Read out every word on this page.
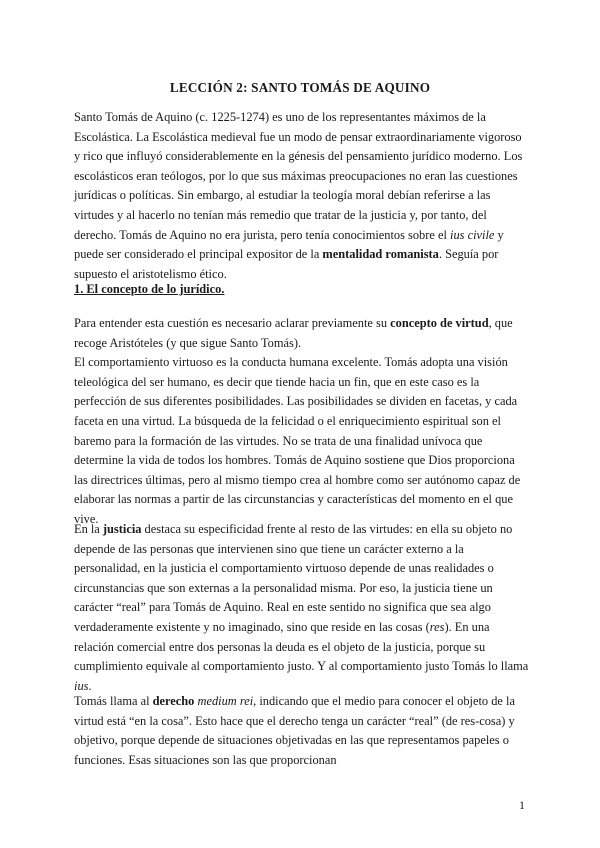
LECCIÓN 2: SANTO TOMÁS DE AQUINO
Santo Tomás de Aquino (c. 1225-1274) es uno de los representantes máximos de la Escolástica. La Escolástica medieval fue un modo de pensar extraordinariamente vigoroso y rico que influyó considerablemente en la génesis del pensamiento jurídico moderno. Los escolásticos eran teólogos, por lo que sus máximas preocupaciones no eran las cuestiones jurídicas o políticas. Sin embargo, al estudiar la teología moral debían referirse a las virtudes y al hacerlo no tenían más remedio que tratar de la justicia y, por tanto, del derecho. Tomás de Aquino no era jurista, pero tenía conocimientos sobre el ius civile y puede ser considerado el principal expositor de la mentalidad romanista. Seguía por supuesto el aristotelismo ético.
1. El concepto de lo jurídico.
Para entender esta cuestión es necesario aclarar previamente su concepto de virtud, que recoge Aristóteles (y que sigue Santo Tomás).
El comportamiento virtuoso es la conducta humana excelente. Tomás adopta una visión teleológica del ser humano, es decir que tiende hacia un fin, que en este caso es la perfección de sus diferentes posibilidades. Las posibilidades se dividen en facetas, y cada faceta en una virtud. La búsqueda de la felicidad o el enriquecimiento espiritual son el baremo para la formación de las virtudes. No se trata de una finalidad unívoca que determine la vida de todos los hombres. Tomás de Aquino sostiene que Dios proporciona las directrices últimas, pero al mismo tiempo crea al hombre como ser autónomo capaz de elaborar las normas a partir de las circunstancias y características del momento en el que vive.
En la justicia destaca su especificidad frente al resto de las virtudes: en ella su objeto no depende de las personas que intervienen sino que tiene un carácter externo a la personalidad, en la justicia el comportamiento virtuoso depende de unas realidades o circunstancias que son externas a la personalidad misma. Por eso, la justicia tiene un carácter “real” para Tomás de Aquino. Real en este sentido no significa que sea algo verdaderamente existente y no imaginado, sino que reside en las cosas (res). En una relación comercial entre dos personas la deuda es el objeto de la justicia, porque su cumplimiento equivale al comportamiento justo. Y al comportamiento justo Tomás lo llama ius.
Tomás llama al derecho medium rei, indicando que el medio para conocer el objeto de la virtud está “en la cosa”. Esto hace que el derecho tenga un carácter “real” (de res-cosa) y objetivo, porque depende de situaciones objetivadas en las que representamos papeles o funciones. Esas situaciones son las que proporcionan
1
